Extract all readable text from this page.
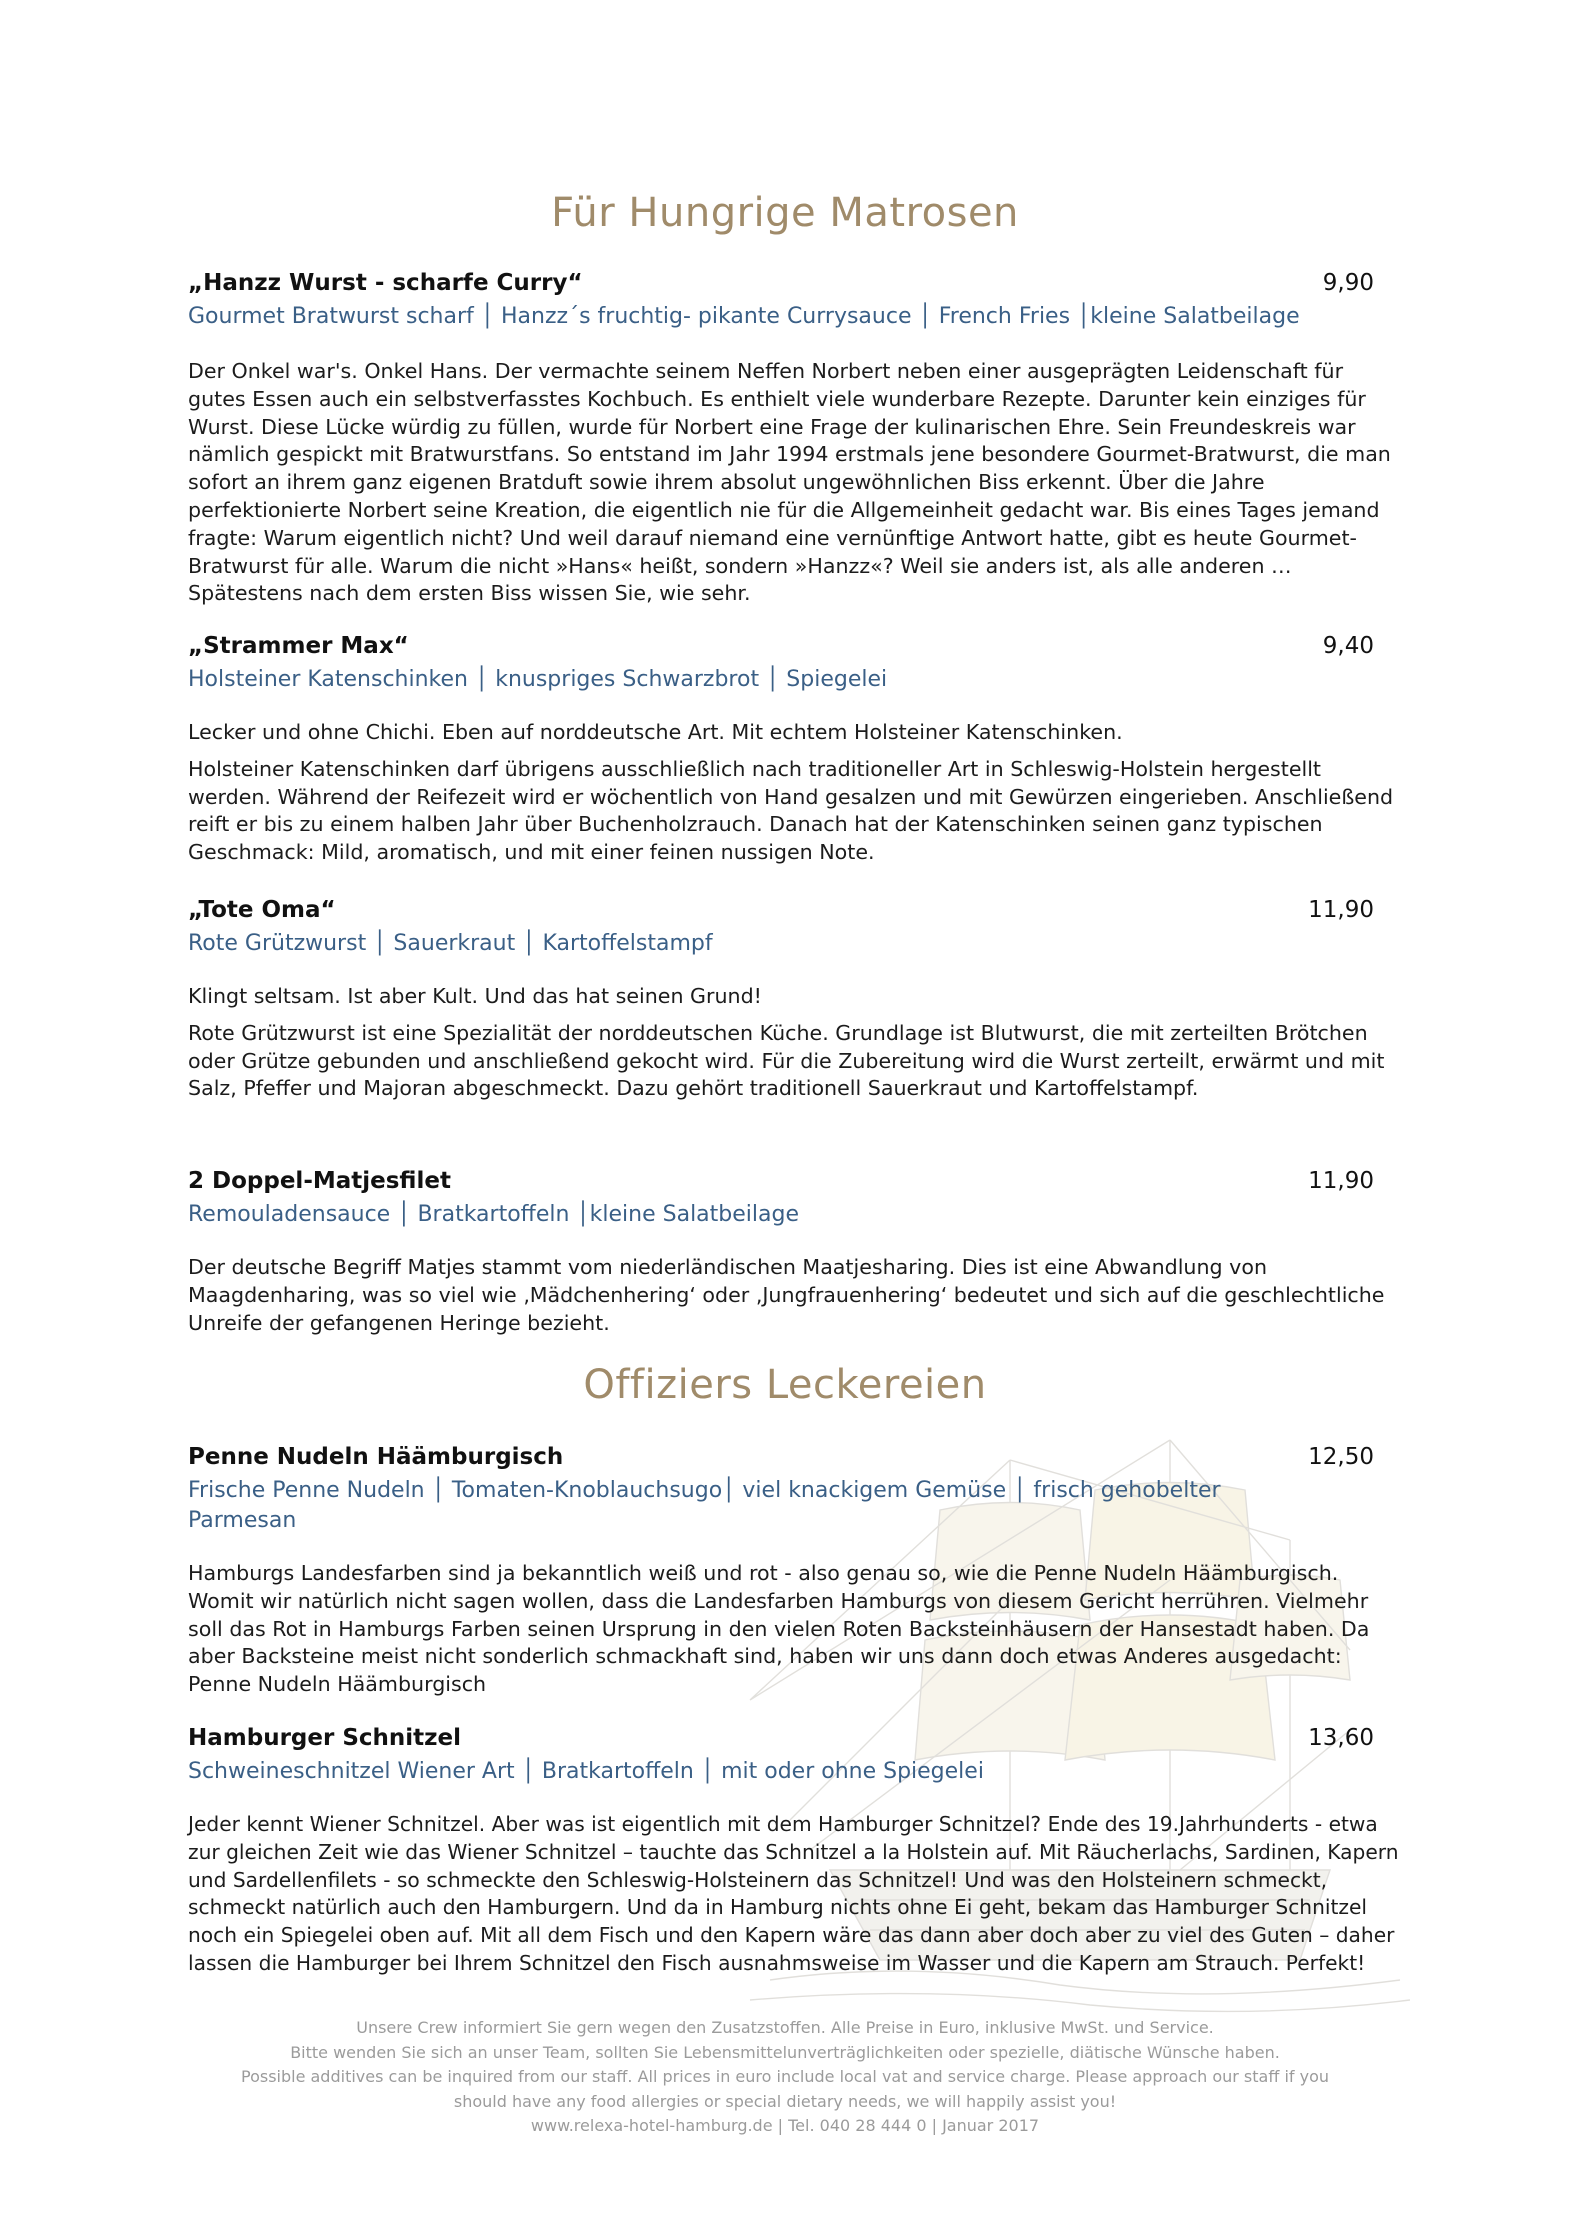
Für Hungrige Matrosen
„Hanzz Wurst - scharfe Curry“	9,90
Gourmet Bratwurst scharf │ Hanzz´s fruchtig- pikante Currysauce │ French Fries │kleine Salatbeilage

Der Onkel war's. Onkel Hans. Der vermachte seinem Neffen Norbert neben einer ausgeprägten Leidenschaft für gutes Essen auch ein selbstverfasstes Kochbuch. Es enthielt viele wunderbare Rezepte. Darunter kein einziges für Wurst. Diese Lücke würdig zu füllen, wurde für Norbert eine Frage der kulinarischen Ehre. Sein Freundeskreis war nämlich gespickt mit Bratwurstfans. So entstand im Jahr 1994 erstmals jene besondere Gourmet-Bratwurst, die man sofort an ihrem ganz eigenen Bratduft sowie ihrem absolut ungewöhnlichen Biss erkennt. Über die Jahre perfektionierte Norbert seine Kreation, die eigentlich nie für die Allgemeinheit gedacht war. Bis eines Tages jemand fragte: Warum eigentlich nicht? Und weil darauf niemand eine vernünftige Antwort hatte, gibt es heute Gourmet-Bratwurst für alle. Warum die nicht »Hans« heißt, sondern »Hanzz«? Weil sie anders ist, als alle anderen … Spätestens nach dem ersten Biss wissen Sie, wie sehr.

„Strammer Max“	9,40
Holsteiner Katenschinken │ knuspriges Schwarzbrot │ Spiegelei

Lecker und ohne Chichi. Eben auf norddeutsche Art. Mit echtem Holsteiner Katenschinken.

Holsteiner Katenschinken darf übrigens ausschließlich nach traditioneller Art in Schleswig-Holstein hergestellt werden. Während der Reifezeit wird er wöchentlich von Hand gesalzen und mit Gewürzen eingerieben. Anschließend reift er bis zu einem halben Jahr über Buchenholzrauch. Danach hat der Katenschinken seinen ganz typischen Geschmack: Mild, aromatisch, und mit einer feinen nussigen Note.

„Tote Oma“	11,90
Rote Grützwurst │ Sauerkraut │ Kartoffelstampf

Klingt seltsam. Ist aber Kult. Und das hat seinen Grund!

Rote Grützwurst ist eine Spezialität der norddeutschen Küche. Grundlage ist Blutwurst, die mit zerteilten Brötchen oder Grütze gebunden und anschließend gekocht wird. Für die Zubereitung wird die Wurst zerteilt, erwärmt und mit Salz, Pfeffer und Majoran abgeschmeckt. Dazu gehört traditionell Sauerkraut und Kartoffelstampf.

2 Doppel-Matjesfilet	11,90
Remouladensauce │ Bratkartoffeln │kleine Salatbeilage

Der deutsche Begriff Matjes stammt vom niederländischen Maatjesharing. Dies ist eine Abwandlung von Maagdenharing, was so viel wie ‚Mädchenhering‘ oder ‚Jungfrauenhering‘ bedeutet und sich auf die geschlechtliche Unreife der gefangenen Heringe bezieht.

Offiziers Leckereien
Penne Nudeln Häämburgisch	12,50
Frische Penne Nudeln │ Tomaten-Knoblauchsugo│ viel knackigem Gemüse │ frisch gehobelter Parmesan

Hamburgs Landesfarben sind ja bekanntlich weiß und rot - also genau so, wie die Penne Nudeln Häämburgisch. Womit wir natürlich nicht sagen wollen, dass die Landesfarben Hamburgs von diesem Gericht herrühren. Vielmehr soll das Rot in Hamburgs Farben seinen Ursprung in den vielen Roten Backsteinhäusern der Hansestadt haben. Da aber Backsteine meist nicht sonderlich schmackhaft sind, haben wir uns dann doch etwas Anderes ausgedacht: Penne Nudeln Häämburgisch

Hamburger Schnitzel	13,60
Schweineschnitzel Wiener Art │ Bratkartoffeln │ mit oder ohne Spiegelei

Jeder kennt Wiener Schnitzel. Aber was ist eigentlich mit dem Hamburger Schnitzel? Ende des 19.Jahrhunderts - etwa zur gleichen Zeit wie das Wiener Schnitzel – tauchte das Schnitzel a la Holstein auf. Mit Räucherlachs, Sardinen, Kapern und Sardellenfilets - so schmeckte den Schleswig-Holsteinern das Schnitzel! Und was den Holsteinern schmeckt, schmeckt natürlich auch den Hamburgern. Und da in Hamburg nichts ohne Ei geht, bekam das Hamburger Schnitzel noch ein Spiegelei oben auf. Mit all dem Fisch und den Kapern wäre das dann aber doch aber zu viel des Guten – daher lassen die Hamburger bei Ihrem Schnitzel den Fisch ausnahmsweise im Wasser und die Kapern am Strauch. Perfekt!

Unsere Crew informiert Sie gern wegen den Zusatzstoffen. Alle Preise in Euro, inklusive MwSt. und Service.
Bitte wenden Sie sich an unser Team, sollten Sie Lebensmittelunverträglichkeiten oder spezielle, diätische Wünsche haben.
Possible additives can be inquired from our staff. All prices in euro include local vat and service charge. Please approach our staff if you
should have any food allergies or special dietary needs, we will happily assist you!
www.relexa-hotel-hamburg.de | Tel. 040 28 444 0 | Januar 2017
